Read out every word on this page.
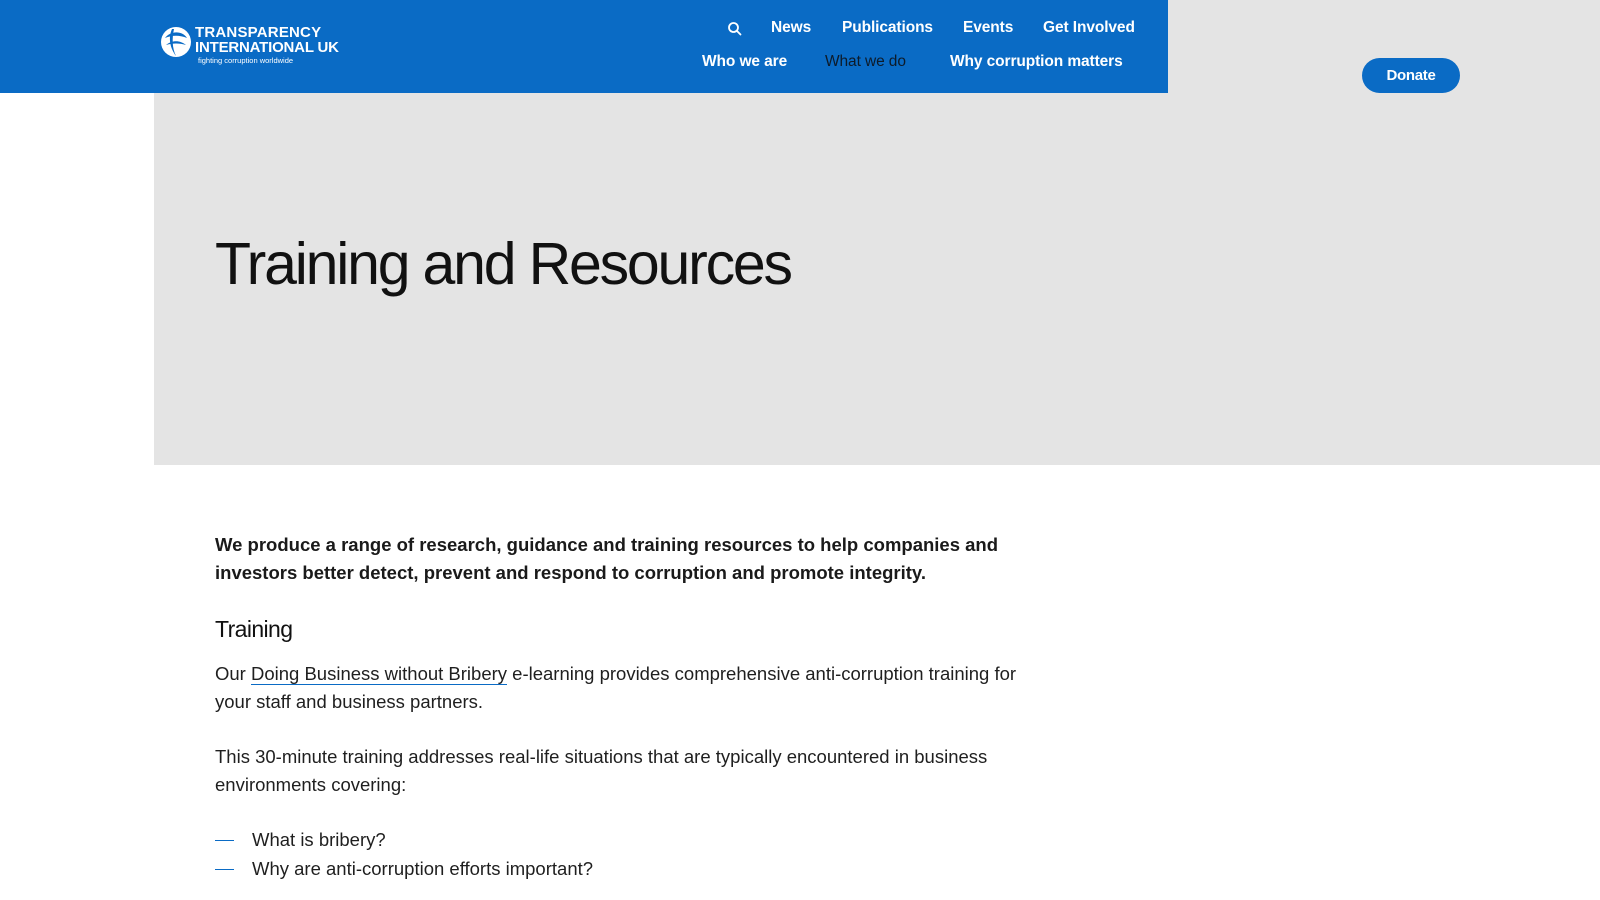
TRANSPARENCY
INTERNATIONAL UK
fighting corruption worldwide
News Publications Events Get Involved
Who we are What we do	Why corruption matters
Donate
Training and Resources

We produce a range of research, guidance and training resources to help companies and investors better detect, prevent and respond to corruption and promote integrity.

Training

Our Doing Business without Bribery e-learning provides comprehensive anti-corruption training for your staff and business partners.

This 30-minute training addresses real-life situations that are typically encountered in business environments covering:

What is bribery?
Why are anti-corruption efforts important?
